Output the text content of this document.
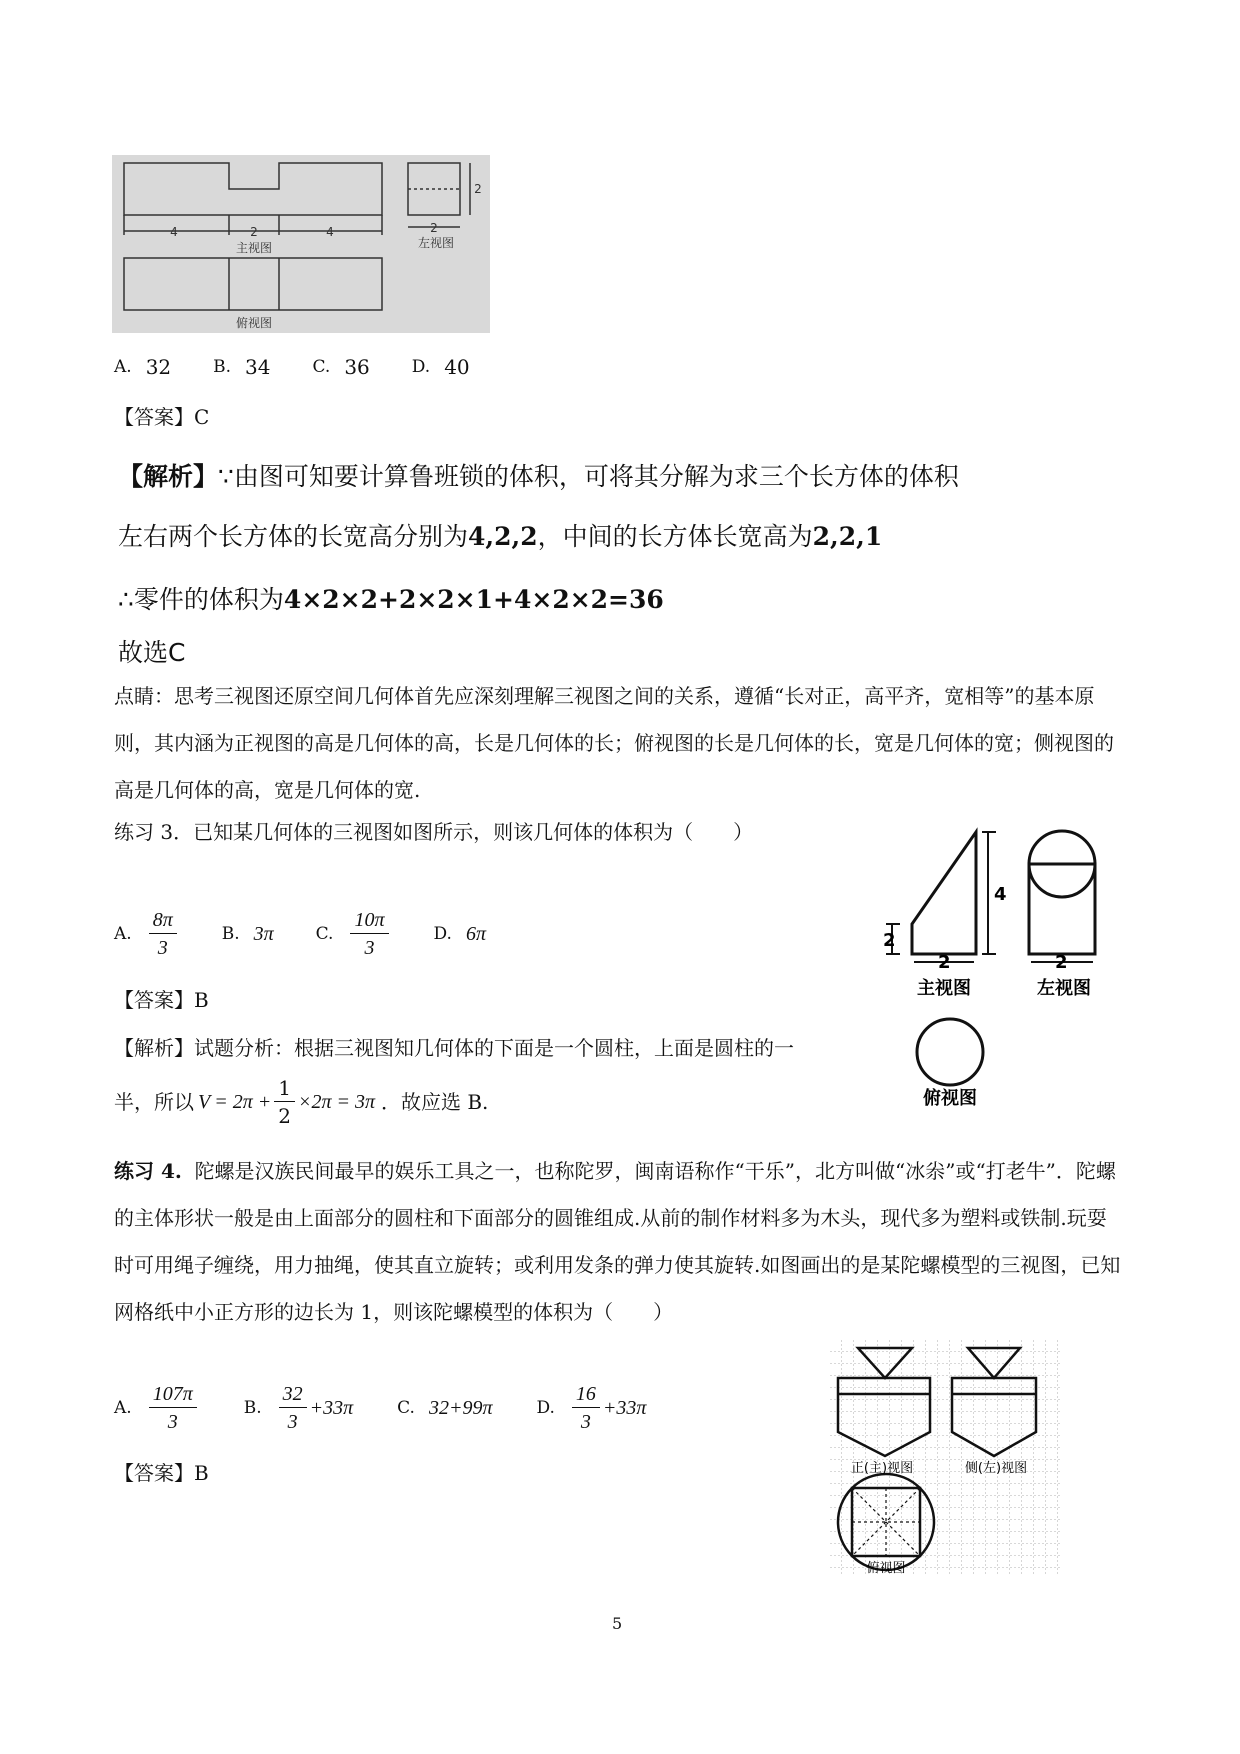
4	2	4	2
2
主视图	左视图
俯视图
A. 32 B. 34 C. 36 D. 40
【答案】C
【解析】∵由图可知要计算鲁班锁的体积，可将其分解为求三个长方体的体积
左右两个长方体的长宽高分别为4,2,2，中间的长方体长宽高为2,2,1
∴零件的体积为4×2×2+2×2×1+4×2×2=36
故选C
点睛：思考三视图还原空间几何体首先应深刻理解三视图之间的关系，遵循“长对正，高平齐，宽相等”的基本原则，其内涵为正视图的高是几何体的高，长是几何体的长；俯视图的长是几何体的长，宽是几何体的宽；侧视图的高是几何体的高，宽是几何体的宽.
练习 3．已知某几何体的三视图如图所示，则该几何体的体积为（　　）
A. $\frac{8\pi}{3}$	B. 3π C. $\frac{10\pi}{3}$	D. 6π
【答案】B
【解析】试题分析：根据三视图知几何体的下面是一个圆柱，上面是圆柱的一
半，所以 $V = 2\pi + \frac{1}{2} \times 2\pi = 3\pi$ ．故应选 B.
2
4
2	2
主视图	左视图
俯视图
练习 4. 陀螺是汉族民间最早的娱乐工具之一，也称陀罗，闽南语称作“干乐”，北方叫做“冰尜”或“打老牛”．陀螺的主体形状一般是由上面部分的圆柱和下面部分的圆锥组成.从前的制作材料多为木头，现代多为塑料或铁制.玩耍时可用绳子缠绕，用力抽绳，使其直立旋转；或利用发条的弹力使其旋转.如图画出的是某陀螺模型的三视图，已知网格纸中小正方形的边长为 1，则该陀螺模型的体积为（　　）
A. $\frac{107\pi}{3}$	B. $\frac{32}{3} +33\pi$	C. 32+99π	D. $\frac{16}{3} +33\pi$
【答案】B	正(主)视图	侧(左)视图
俯视图
5
